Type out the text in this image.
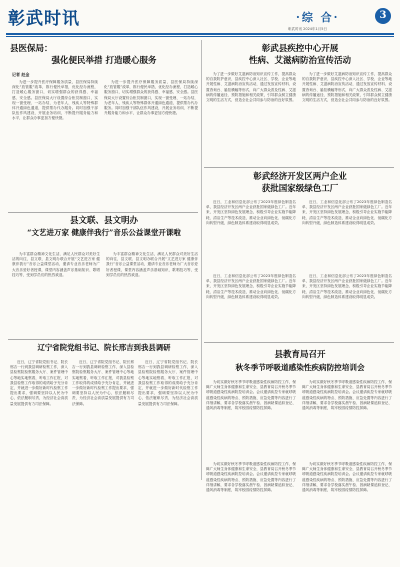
彰武时讯	·综 合·	3
彰武时讯 2024年1月5日
县医保局：
强化便民举措 打造暖心服务
记者 赵金
为进一步提升医疗保障服务质量，县医保局持续深化“放管服”改革，推行便民举措，优化经办流程，打造暖心服务窗口，切实增强群众的获得感、幸福感、安全感。县医保局大厅设置综合柜员制窗口，实现一窗受理、一站办结，为老年人、残疾人等特殊群体开通绿色通道，提供帮办代办服务。同时加强干部队伍作风建设，开展业务培训，不断提升服务能力和水平，让群众办事更加方便快捷。
为进一步提升医疗保障服务质量，县医保局持续深化“放管服”改革，推行便民举措，优化经办流程，打造暖心服务窗口，切实增强群众的获得感、幸福感、安全感。县医保局大厅设置综合柜员制窗口，实现一窗受理、一站办结，为老年人、残疾人等特殊群体开通绿色通道，提供帮办代办服务。同时加强干部队伍作风建设，开展业务培训，不断提升服务能力和水平，让群众办事更加方便快捷。
彰武县疾控中心开展
性病、艾滋病防治宣传活动
为了进一步做好艾滋病防治知识宣传工作，提高群众的自我防护意识，县疾控中心深入社区、学校、企业等地开展性病、艾滋病防治宣传活动，通过发放宣传材料、设置咨询台、悬挂横幅等形式，向广大群众普及性病、艾滋病的传播途径、预防措施和相关政策，引导群众树立健康文明的生活方式，营造全社会共同参与防治的良好氛围。
为了进一步做好艾滋病防治知识宣传工作，提高群众的自我防护意识，县疾控中心深入社区、学校、企业等地开展性病、艾滋病防治宣传活动，通过发放宣传材料、设置咨询台、悬挂横幅等形式，向广大群众普及性病、艾滋病的传播途径、预防措施和相关政策，引导群众树立健康文明的生活方式，营造全社会共同参与防治的良好氛围。
彰武经济开发区两户企业
获批国家级绿色工厂
近日，工业和信息化部公布了2023年度绿色制造名单，我县经济开发区两户企业获批国家级绿色工厂。近年来，开发区坚持绿色发展理念，积极引导企业实施节能降耗、清洁生产等技术改造，推动企业向绿色化、低碳化方向转型升级，绿色制造体系建设取得明显成效。
近日，工业和信息化部公布了2023年度绿色制造名单，我县经济开发区两户企业获批国家级绿色工厂。近年来，开发区坚持绿色发展理念，积极引导企业实施节能降耗、清洁生产等技术改造，推动企业向绿色化、低碳化方向转型升级，绿色制造体系建设取得明显成效。
县文联、县文明办
“文艺进万家 健康伴我行”音乐公益课堂开课啦
为丰富群众精神文化生活，满足人民群众对美好生活的向往，县文联、县文明办联合开展“文艺进万家 健康伴我行”音乐公益课堂活动，邀请专业音乐老师为广大音乐爱好者授课，课堂内容涵盖声乐基础知识、歌唱技巧等，受到学员们的热烈欢迎。
为丰富群众精神文化生活，满足人民群众对美好生活的向往，县文联、县文明办联合开展“文艺进万家 健康伴我行”音乐公益课堂活动，邀请专业音乐老师为广大音乐爱好者授课，课堂内容涵盖声乐基础知识、歌唱技巧等，受到学员们的热烈欢迎。	近日，工业和信息化部公布了2023年度绿色制造名单，我县经济开发区两户企业获批国家级绿色工厂。近年来，开发区坚持绿色发展理念，积极引导企业实施节能降耗、清洁生产等技术改造，推动企业向绿色化、低碳化方向转型升级，绿色制造体系建设取得明显成效。
近日，工业和信息化部公布了2023年度绿色制造名单，我县经济开发区两户企业获批国家级绿色工厂。近年来，开发区坚持绿色发展理念，积极引导企业实施节能降耗、清洁生产等技术改造，推动企业向绿色化、低碳化方向转型升级，绿色制造体系建设取得明显成效。
辽宁省院党组书记、院长邢吉到我县调研
近日，辽宁省院党组书记、院长邢吉一行到我县调研检察工作，深入县检察院检察服务大厅、案件管理中心等地实地察看，听取工作汇报，对我县检察工作取得的成绩给予充分肯定，并就进一步做好新时代检察工作提出要求，强调要坚持以人民为中心，依法履职尽责，为经济社会高质量发展提供有力司法保障。
近日，辽宁省院党组书记、院长邢吉一行到我县调研检察工作，深入县检察院检察服务大厅、案件管理中心等地实地察看，听取工作汇报，对我县检察工作取得的成绩给予充分肯定，并就进一步做好新时代检察工作提出要求，强调要坚持以人民为中心，依法履职尽责，为经济社会高质量发展提供有力司法保障。
近日，辽宁省院党组书记、院长邢吉一行到我县调研检察工作，深入县检察院检察服务大厅、案件管理中心等地实地察看，听取工作汇报，对我县检察工作取得的成绩给予充分肯定，并就进一步做好新时代检察工作提出要求，强调要坚持以人民为中心，依法履职尽责，为经济社会高质量发展提供有力司法保障。
县教育局召开
秋冬季节呼吸道感染性疾病防控培训会
为切实做好秋冬季节呼吸道感染性疾病防控工作，保障广大师生身体健康和生命安全，县教育局召开秋冬季节呼吸道感染性疾病防控培训会。会议邀请疾控专家就呼吸道感染性疾病的特点、预防措施、应急处置等内容进行了详细讲解，要求各学校落实晨午检、因病缺课追踪登记、通风消毒等制度，筑牢校园疫情防控屏障。
为切实做好秋冬季节呼吸道感染性疾病防控工作，保障广大师生身体健康和生命安全，县教育局召开秋冬季节呼吸道感染性疾病防控培训会。会议邀请疾控专家就呼吸道感染性疾病的特点、预防措施、应急处置等内容进行了详细讲解，要求各学校落实晨午检、因病缺课追踪登记、通风消毒等制度，筑牢校园疫情防控屏障。
为切实做好秋冬季节呼吸道感染性疾病防控工作，保障广大师生身体健康和生命安全，县教育局召开秋冬季节呼吸道感染性疾病防控培训会。会议邀请疾控专家就呼吸道感染性疾病的特点、预防措施、应急处置等内容进行了详细讲解，要求各学校落实晨午检、因病缺课追踪登记、通风消毒等制度，筑牢校园疫情防控屏障。
为切实做好秋冬季节呼吸道感染性疾病防控工作，保障广大师生身体健康和生命安全，县教育局召开秋冬季节呼吸道感染性疾病防控培训会。会议邀请疾控专家就呼吸道感染性疾病的特点、预防措施、应急处置等内容进行了详细讲解，要求各学校落实晨午检、因病缺课追踪登记、通风消毒等制度，筑牢校园疫情防控屏障。
